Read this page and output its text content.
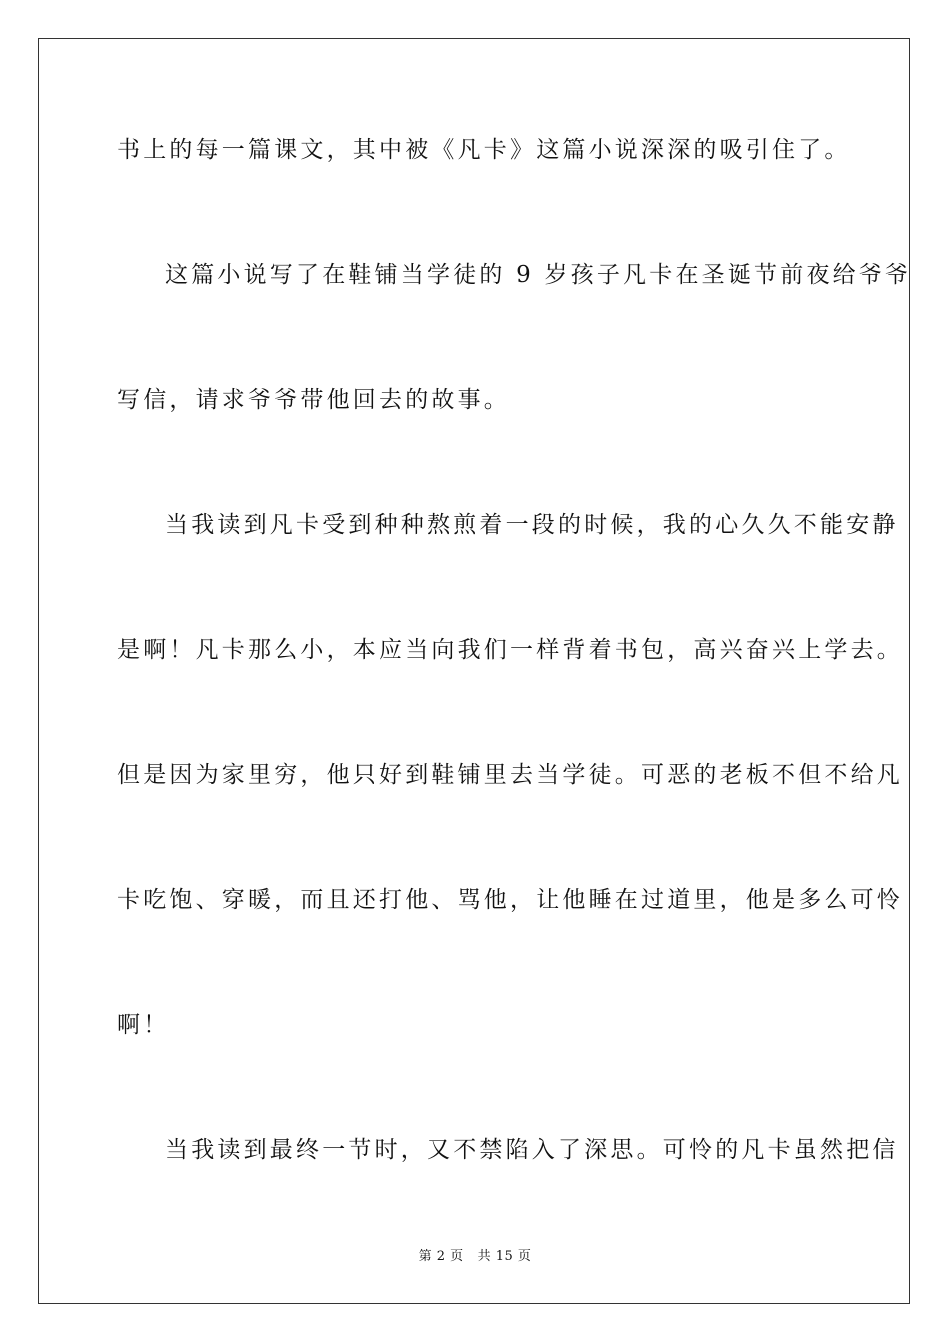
书上的每一篇课文，其中被《凡卡》这篇小说深深的吸引住了。
这篇小说写了在鞋铺当学徒的 9 岁孩子凡卡在圣诞节前夜给爷爷
写信，请求爷爷带他回去的故事。
当我读到凡卡受到种种熬煎着一段的时候，我的心久久不能安静
是啊！凡卡那么小，本应当向我们一样背着书包，高兴奋兴上学去。
但是因为家里穷，他只好到鞋铺里去当学徒。可恶的老板不但不给凡
卡吃饱、穿暖，而且还打他、骂他，让他睡在过道里，他是多么可怜
啊！
当我读到最终一节时，又不禁陷入了深思。可怜的凡卡虽然把信
第 2 页 共 15 页
